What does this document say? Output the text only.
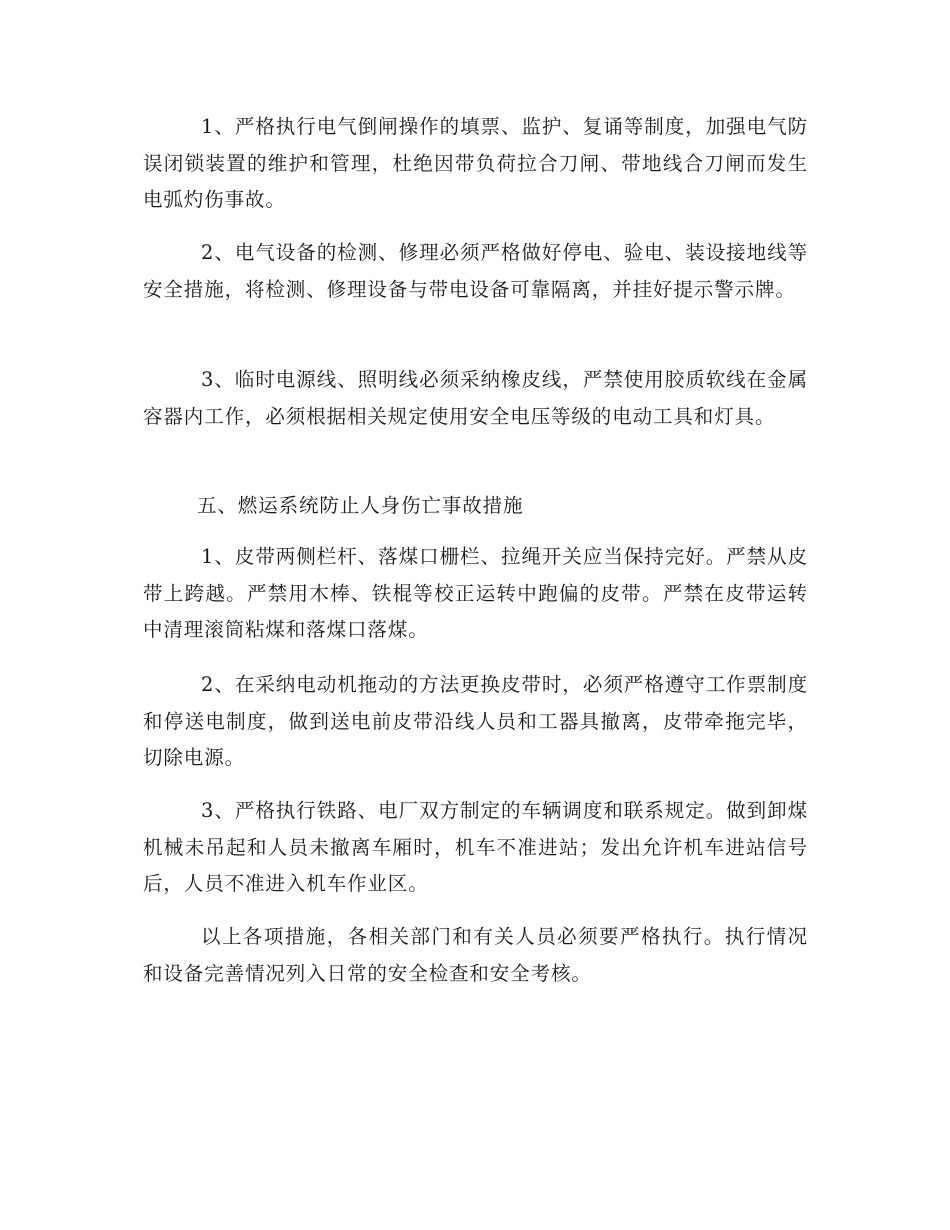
1、严格执行电气倒闸操作的填票、监护、复诵等制度，加强电气防误闭锁装置的维护和管理，杜绝因带负荷拉合刀闸、带地线合刀闸而发生电弧灼伤事故。

2、电气设备的检测、修理必须严格做好停电、验电、装设接地线等安全措施，将检测、修理设备与带电设备可靠隔离，并挂好提示警示牌。

3、临时电源线、照明线必须采纳橡皮线，严禁使用胶质软线在金属容器内工作，必须根据相关规定使用安全电压等级的电动工具和灯具。

五、燃运系统防止人身伤亡事故措施

1、皮带两侧栏杆、落煤口栅栏、拉绳开关应当保持完好。严禁从皮带上跨越。严禁用木棒、铁棍等校正运转中跑偏的皮带。严禁在皮带运转中清理滚筒粘煤和落煤口落煤。

2、在采纳电动机拖动的方法更换皮带时，必须严格遵守工作票制度和停送电制度，做到送电前皮带沿线人员和工器具撤离，皮带牵拖完毕，切除电源。

3、严格执行铁路、电厂双方制定的车辆调度和联系规定。做到卸煤机械未吊起和人员未撤离车厢时，机车不准进站；发出允许机车进站信号后，人员不准进入机车作业区。

以上各项措施，各相关部门和有关人员必须要严格执行。执行情况和设备完善情况列入日常的安全检查和安全考核。
